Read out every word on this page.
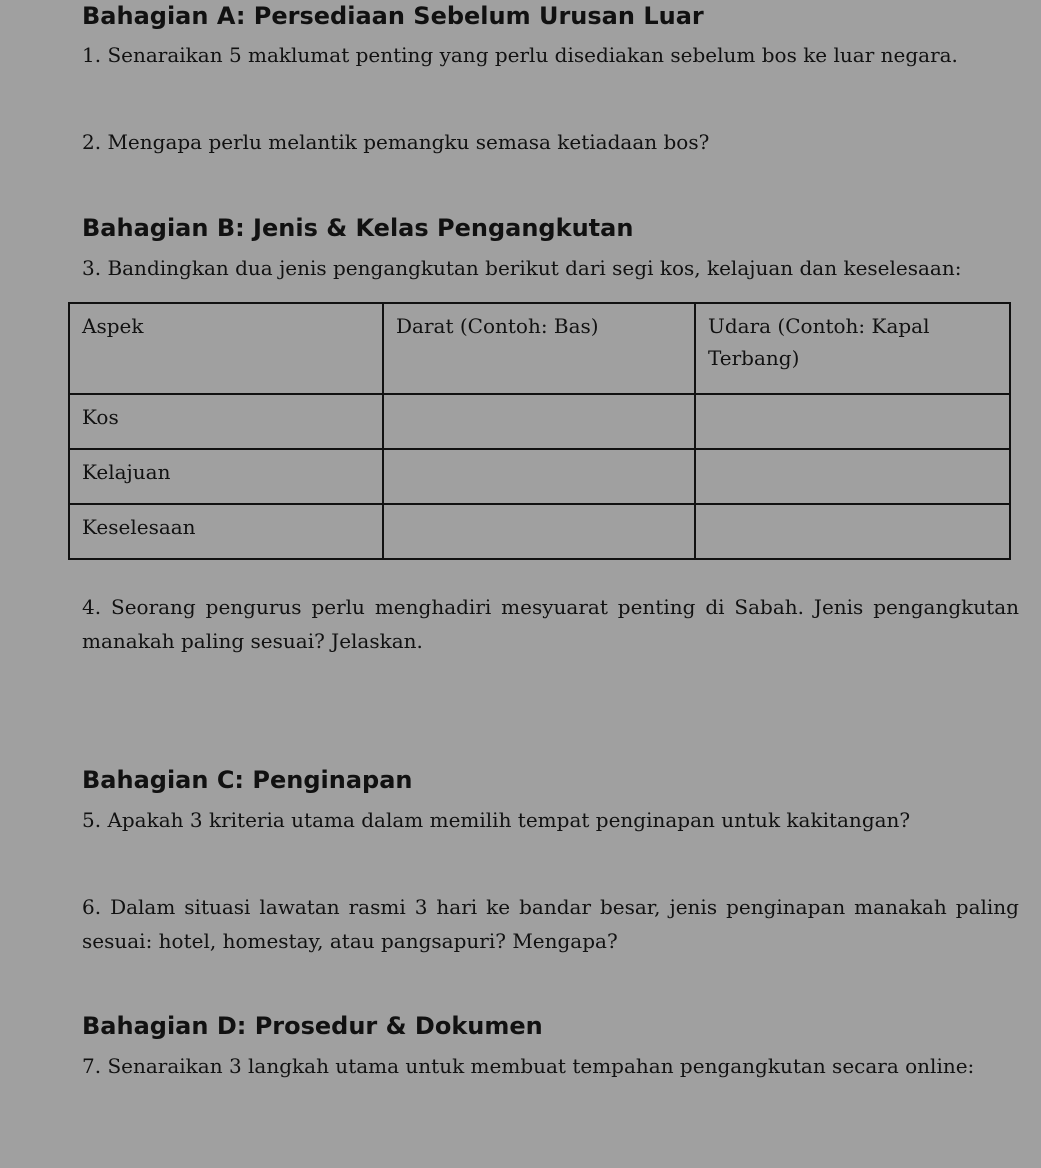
Bahagian A: Persediaan Sebelum Urusan Luar

1. Senaraikan 5 maklumat penting yang perlu disediakan sebelum bos ke luar negara.

2. Mengapa perlu melantik pemangku semasa ketiadaan bos?

Bahagian B: Jenis & Kelas Pengangkutan

3. Bandingkan dua jenis pengangkutan berikut dari segi kos, kelajuan dan keselesaan:

Aspek	Darat (Contoh: Bas)	Udara (Contoh: Kapal Terbang)
Kos		
Kelajuan		
Keselesaan		

4. Seorang pengurus perlu menghadiri mesyuarat penting di Sabah. Jenis pengangkutan manakah paling sesuai? Jelaskan.

Bahagian C: Penginapan

5. Apakah 3 kriteria utama dalam memilih tempat penginapan untuk kakitangan?

6. Dalam situasi lawatan rasmi 3 hari ke bandar besar, jenis penginapan manakah paling sesuai: hotel, homestay, atau pangsapuri? Mengapa?

Bahagian D: Prosedur & Dokumen

7. Senaraikan 3 langkah utama untuk membuat tempahan pengangkutan secara online:
